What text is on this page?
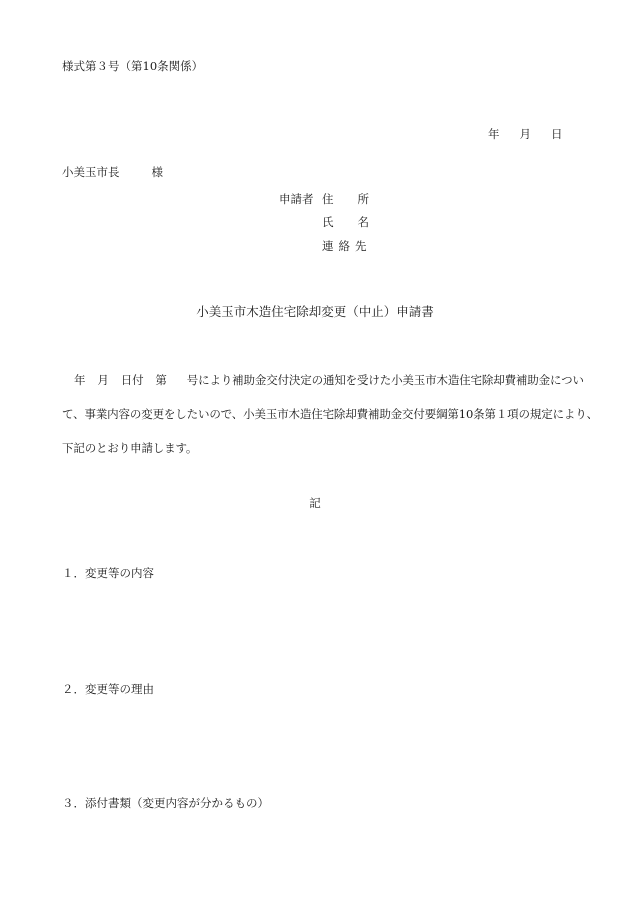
様式第３号（第10条関係）
年 月 日
小美玉市長	様
申請者 住 所
氏 名
連 絡 先
小美玉市木造住宅除却変更（中止）申請書
年 月 日付 第 号により補助金交付決定の通知を受けた小美玉市木造住宅除却費補助金につい
て、事業内容の変更をしたいので、小美玉市木造住宅除却費補助金交付要綱第10条第１項の規定により、
下記のとおり申請します。
記
１．変更等の内容
２．変更等の理由
３．添付書類（変更内容が分かるもの）
